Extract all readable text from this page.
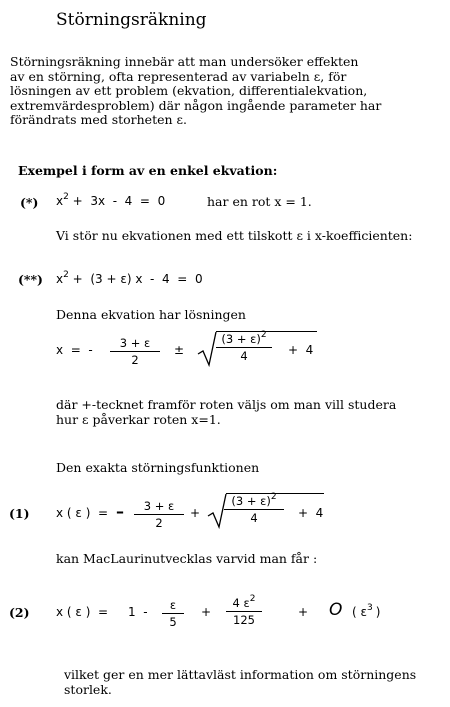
Störningsräkning
Störningsräkning innebär att man undersöker effekten
av en störning, ofta representerad av variabeln ε, för
lösningen av ett problem (ekvation, differentialekvation,
extremvärdesproblem) där någon ingående parameter har
förändrats med storheten ε.
Exempel i form av en enkel ekvation:
(*) $x^2 + 3x - 4 = 0$	har en rot x = 1.
Vi stör nu ekvationen med ett tilskott ε i x-koefficienten:
(**) $x^2 + (3 + \varepsilon)$ x  -  4  =  0
Denna ekvation har lösningen
x  =  -	3 + ε
2
±
$(3 + \varepsilon)^2$
4	+  4
där +-tecknet framför roten väljs om man vill studera
hur ε påverkar roten x=1.
Den exakta störningsfunktionen
(1) x ( ε )  = –	3 + ε
2
+
$(3 + \varepsilon)^2$
4	+  4
kan MacLaurinutvecklas varvid man får :
(2) x ( ε )  = 1  -	ε
5
+
4 $\varepsilon^2$
125
+ O ( $\varepsilon^3$ )
vilket ger en mer lättavläst information om störningens
storlek.
